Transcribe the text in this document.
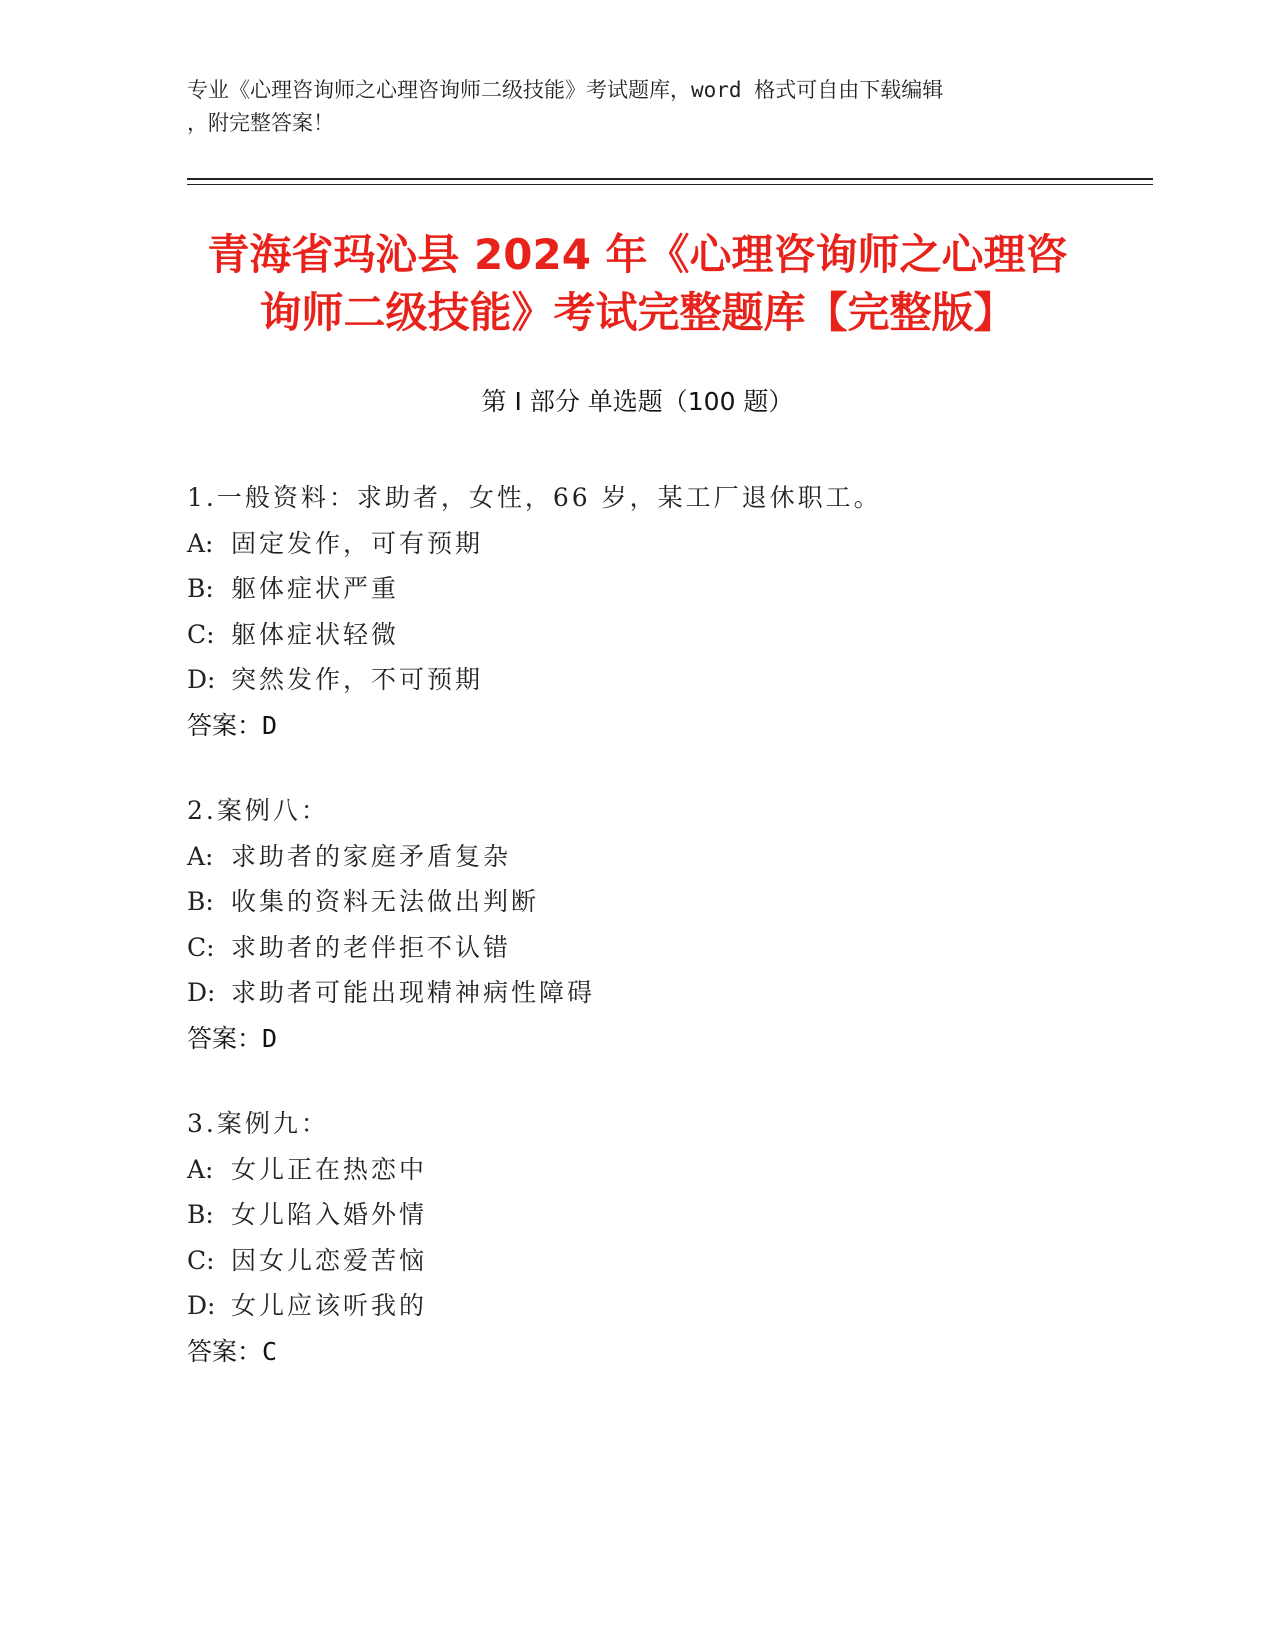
专业《心理咨询师之心理咨询师二级技能》考试题库，word 格式可自由下载编辑
，附完整答案！
青海省玛沁县 2024 年《心理咨询师之心理咨
询师二级技能》考试完整题库【完整版】
第 I 部分 单选题（100 题）
1.一般资料：求助者，女性，66 岁，某工厂退休职工。
A: 固定发作，可有预期
B: 躯体症状严重
C: 躯体症状轻微
D: 突然发作，不可预期
答案：D
2.案例八：
A: 求助者的家庭矛盾复杂
B: 收集的资料无法做出判断
C: 求助者的老伴拒不认错
D: 求助者可能出现精神病性障碍
答案：D
3.案例九：
A: 女儿正在热恋中
B: 女儿陷入婚外情
C: 因女儿恋爱苦恼
D: 女儿应该听我的
答案：C
